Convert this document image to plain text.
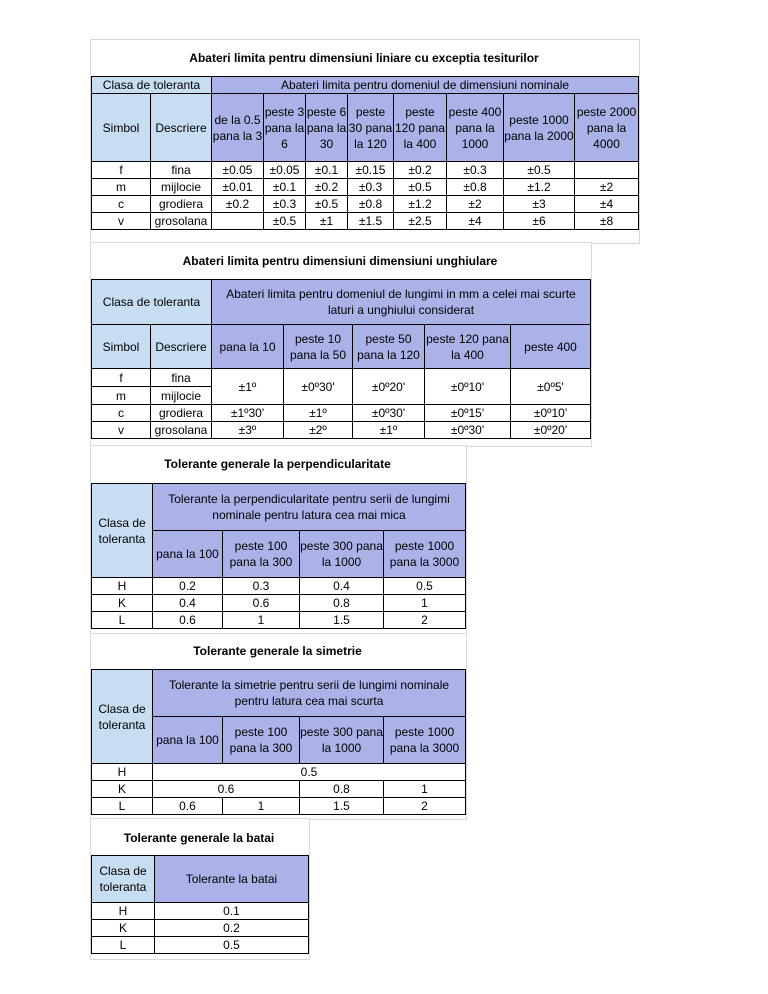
Abateri limita pentru dimensiuni liniare cu exceptia tesiturilor
Clasa de toleranta		Abateri limita pentru domeniul de dimensiuni nominale							
Simbol	Descriere	de la 0.5 pana la 3	peste 3 pana la 6	peste 6 pana la 30	peste 30 pana la 120	peste 120 pana la 400	peste 400 pana la 1000	peste 1000 pana la 2000	peste 2000 pana la 4000
f	fina	±0.05	±0.05	±0.1	±0.15	±0.2	±0.3	±0.5	
m	mijlocie	±0.01	±0.1	±0.2	±0.3	±0.5	±0.8	±1.2	±2
c	grodiera	±0.2	±0.3	±0.5	±0.8	±1.2	±2	±3	±4
v	grosolana		±0.5	±1	±1.5	±2.5	±4	±6	±8
Abateri limita pentru dimensiuni dimensiuni unghiulare
Clasa de toleranta		Abateri limita pentru domeniul de lungimi in mm a celei mai scurte laturi a unghiului considerat				
Simbol	Descriere	pana la 10	peste 10 pana la 50	peste 50 pana la 120	peste 120 pana la 400	peste 400
f	fina	±1º	±0º30'	±0º20'	±0º10'	±0º5'
m	mijlocie					
c	grodiera	±1º30'	±1º	±0º30'	±0º15'	±0º10'
v	grosolana	±3º	±2º	±1º	±0º30'	±0º20'
Tolerante generale la perpendicularitate
Clasa de toleranta	Tolerante la perpendicularitate pentru serii de lungimi nominale pentru latura cea mai mica			
	pana la 100	peste 100 pana la 300	peste 300 pana la 1000	peste 1000 pana la 3000
H	0.2	0.3	0.4	0.5
K	0.4	0.6	0.8	1
L	0.6	1	1.5	2
Tolerante generale la simetrie
Clasa de toleranta	Tolerante la simetrie pentru serii de lungimi nominale pentru latura cea mai scurta			
	pana la 100	peste 100 pana la 300	peste 300 pana la 1000	peste 1000 pana la 3000
H	0.5			
K	0.6		0.8	1
L	0.6	1	1.5	2
Tolerante generale la batai
Clasa de toleranta	Tolerante la batai
H	0.1
K	0.2
L	0.5
